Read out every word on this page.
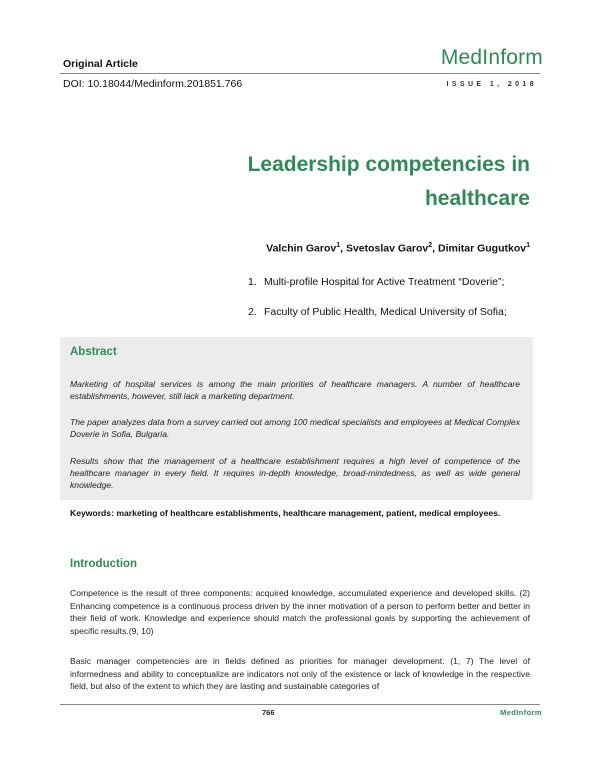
Original Article	MedInform
DOI: 10.18044/Medinform.201851.766	ISSUE 1, 2018
Leadership competencies in
healthcare
Valchin Garov$^1$, Svetoslav Garov$^2$, Dimitar Gugutkov$^1$
1. Multi-profile Hospital for Active Treatment “Doverie”;
2. Faculty of Public Health, Medical University of Sofia;
Abstract
Marketing of hospital services is among the main priorities of healthcare managers. A number of healthcare establishments, however, still lack a marketing department.
The paper analyzes data from a survey carried out among 100 medical specialists and employees at Medical Complex Doverie in Sofia, Bulgaria.
Results show that the management of a healthcare establishment requires a high level of competence of the healthcare manager in every field. It requires in-depth knowledge, broad-mindedness, as well as wide general knowledge.
Keywords: marketing of healthcare establishments, healthcare management, patient, medical employees.
Introduction
Competence is the result of three components: acquired knowledge, accumulated experience and developed skills. (2) Enhancing competence is a continuous process driven by the inner motivation of a person to perform better and better in their field of work. Knowledge and experience should match the professional goals by supporting the achievement of specific results.(9, 10)
Basic manager competencies are in fields defined as priorities for manager development. (1, 7) The level of informedness and ability to conceptualize are indicators not only of the existence or lack of knowledge in the respective field, but also of the extent to which they are lasting and sustainable categories of
766	MedInform
